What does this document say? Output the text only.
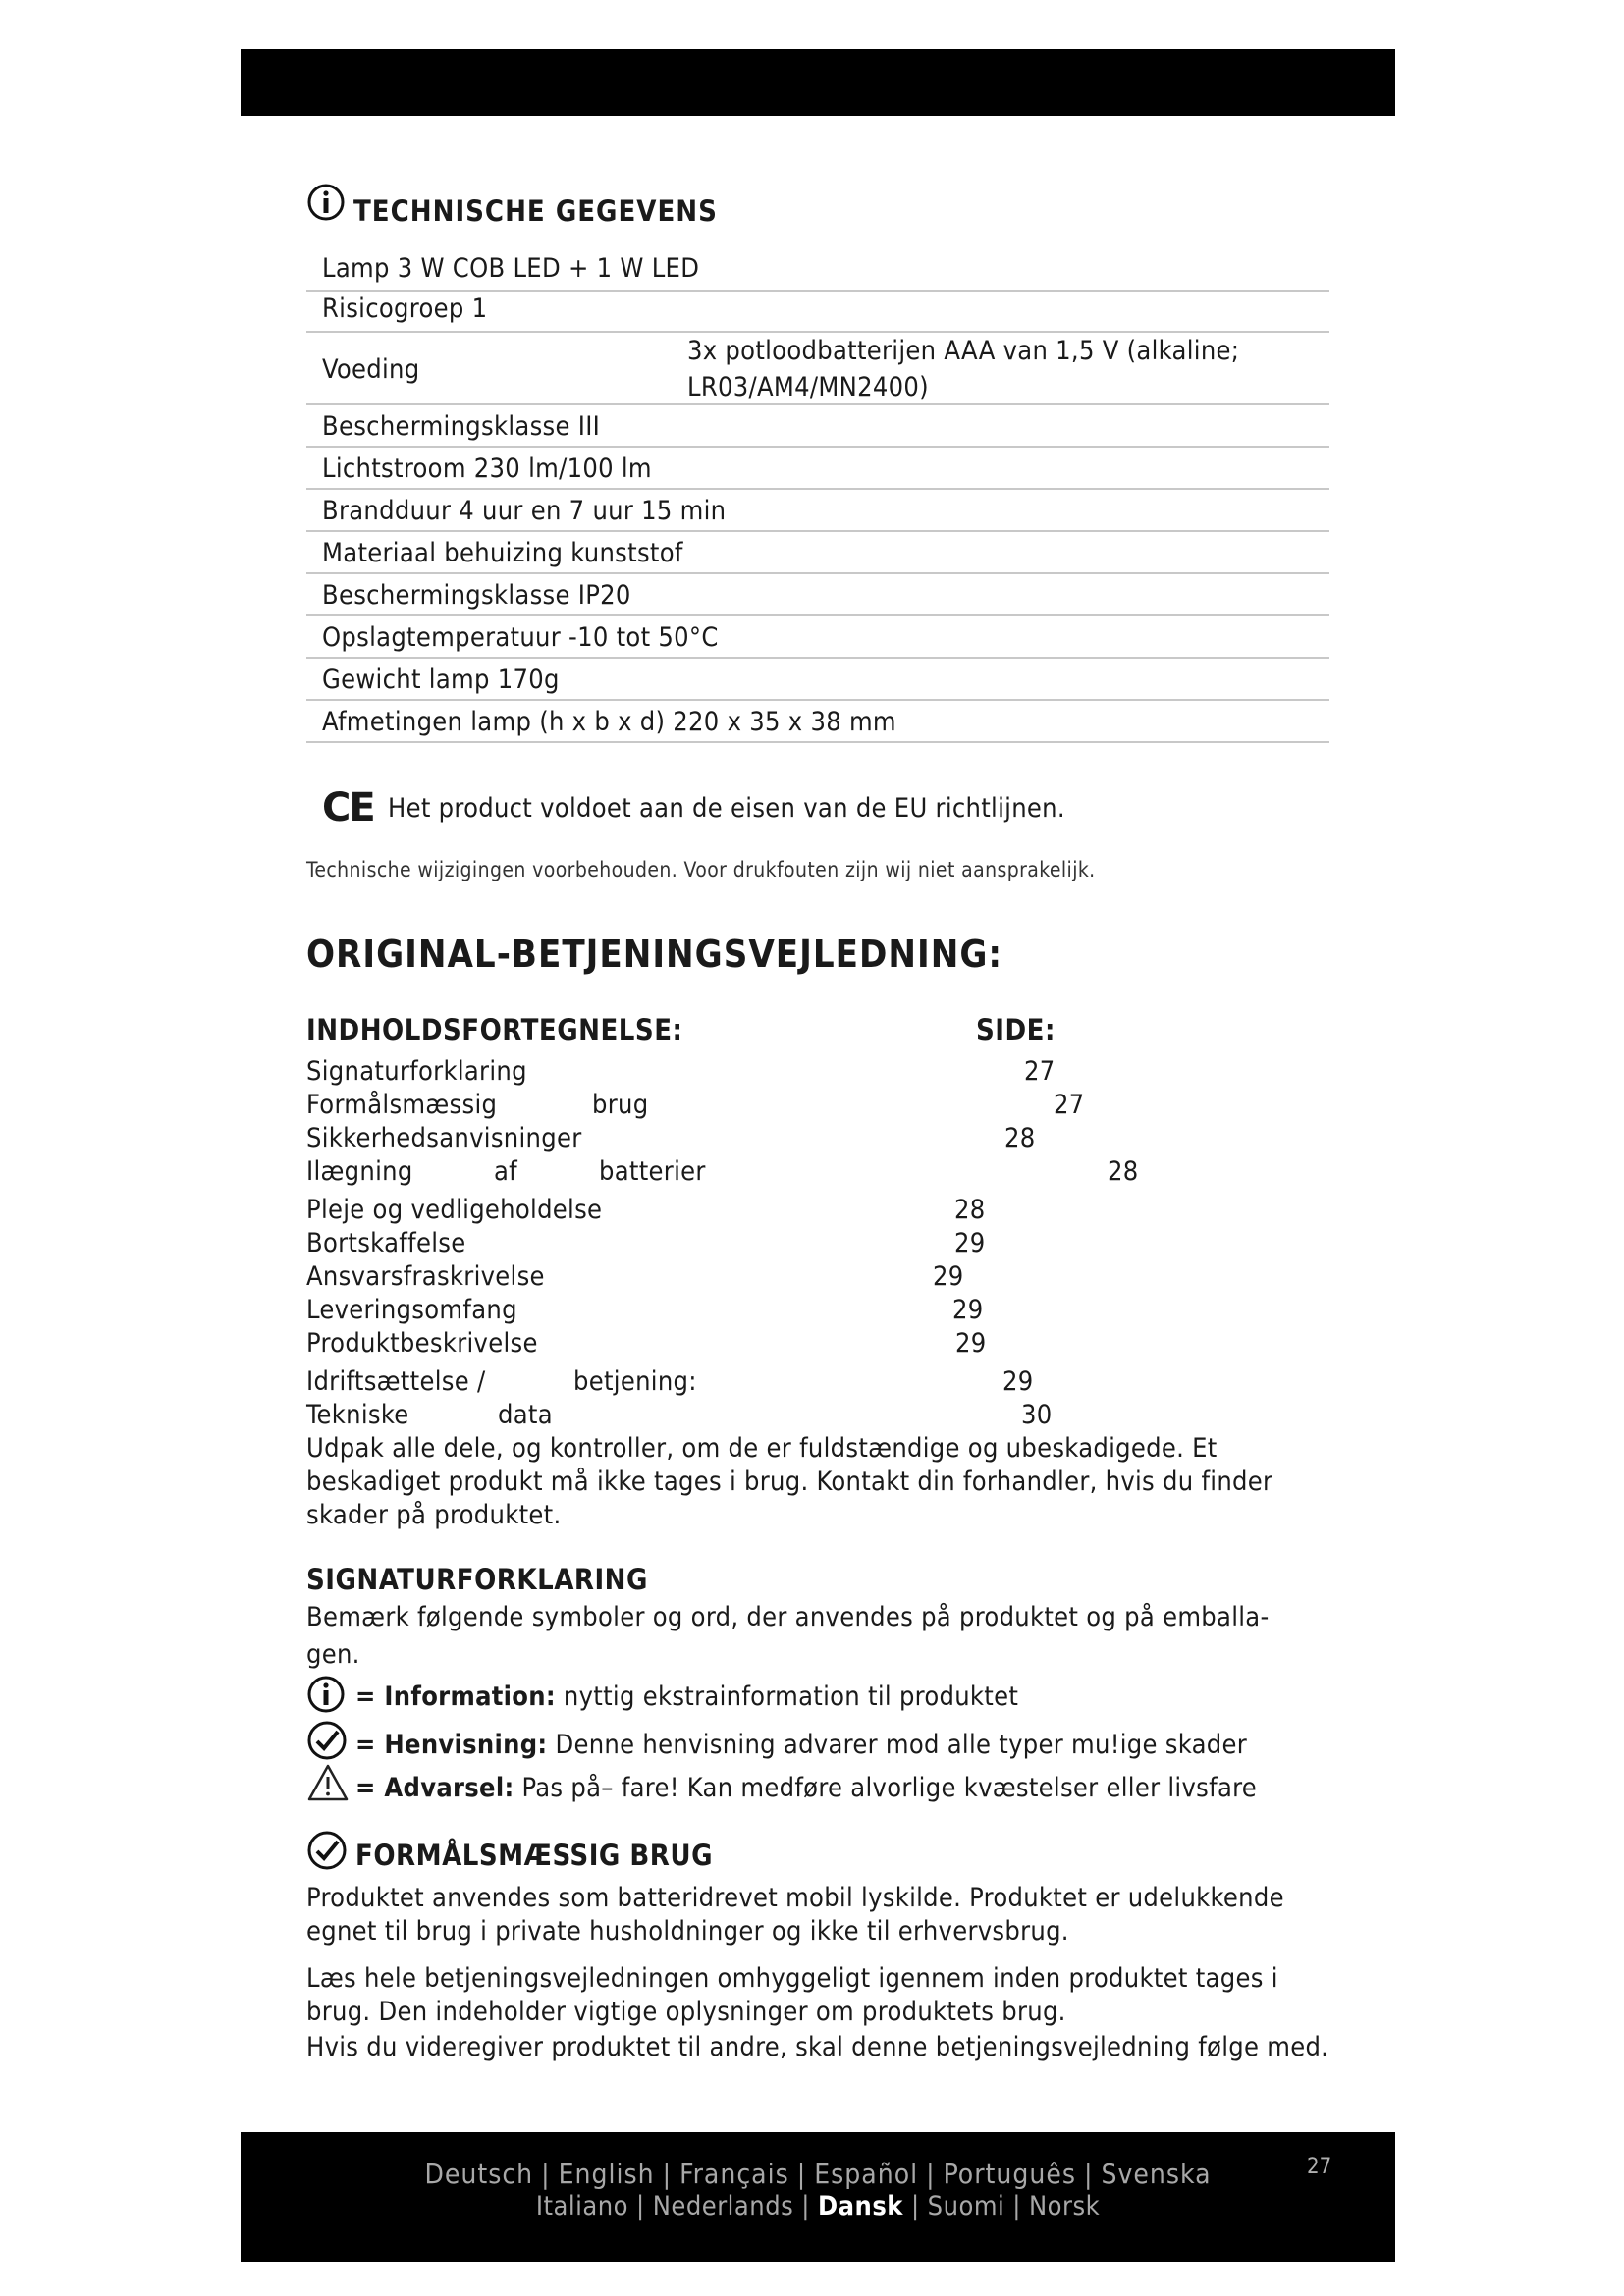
TECHNISCHE GEGEVENS
Lamp 3 W COB LED + 1 W LED
Risicogroep 1
Voeding
3x potloodbatterijen AAA van 1,5 V (alkaline;
LR03/AM4/MN2400)
Beschermingsklasse III
Lichtstroom 230 lm/100 lm
Brandduur 4 uur en 7 uur 15 min
Materiaal behuizing kunststof
Beschermingsklasse IP20
Opslagtemperatuur -10 tot 50°C
Gewicht lamp 170g
Afmetingen lamp (h x b x d) 220 x 35 x 38 mm
CE Het product voldoet aan de eisen van de EU richtlijnen.
Technische wijzigingen voorbehouden. Voor drukfouten zijn wij niet aansprakelijk.
ORIGINAL-BETJENINGSVEJLEDNING:
INDHOLDSFORTEGNELSE:	SIDE:
Signaturforklaring	27
Formålsmæssig	brug	27
Sikkerhedsanvisninger	28
Ilægning	af	batterier	28
Pleje og vedligeholdelse	28
Bortskaffelse	29
Ansvarsfraskrivelse	29
Leveringsomfang	29
Produktbeskrivelse	29
Idriftsættelse /	betjening:	29
Tekniske	data	30
Udpak alle dele, og kontroller, om de er fuldstændige og ubeskadigede. Et
beskadiget produkt må ikke tages i brug. Kontakt din forhandler, hvis du finder
skader på produktet.
SIGNATURFORKLARING
Bemærk følgende symboler og ord, der anvendes på produktet og på emballa-
gen.
= Information: nyttig ekstrainformation til produktet
= Henvisning: Denne henvisning advarer mod alle typer mu!ige skader
= Advarsel: Pas på– fare! Kan medføre alvorlige kvæstelser eller livsfare
FORMÅLSMÆSSIG BRUG
Produktet anvendes som batteridrevet mobil lyskilde. Produktet er udelukkende
egnet til brug i private husholdninger og ikke til erhvervsbrug.
Læs hele betjeningsvejledningen omhyggeligt igennem inden produktet tages i
brug. Den indeholder vigtige oplysninger om produktets brug.
Hvis du videregiver produktet til andre, skal denne betjeningsvejledning følge med.
Deutsch | English | Français | Español | Português | Svenska
Italiano | Nederlands | Dansk | Suomi | Norsk
27
